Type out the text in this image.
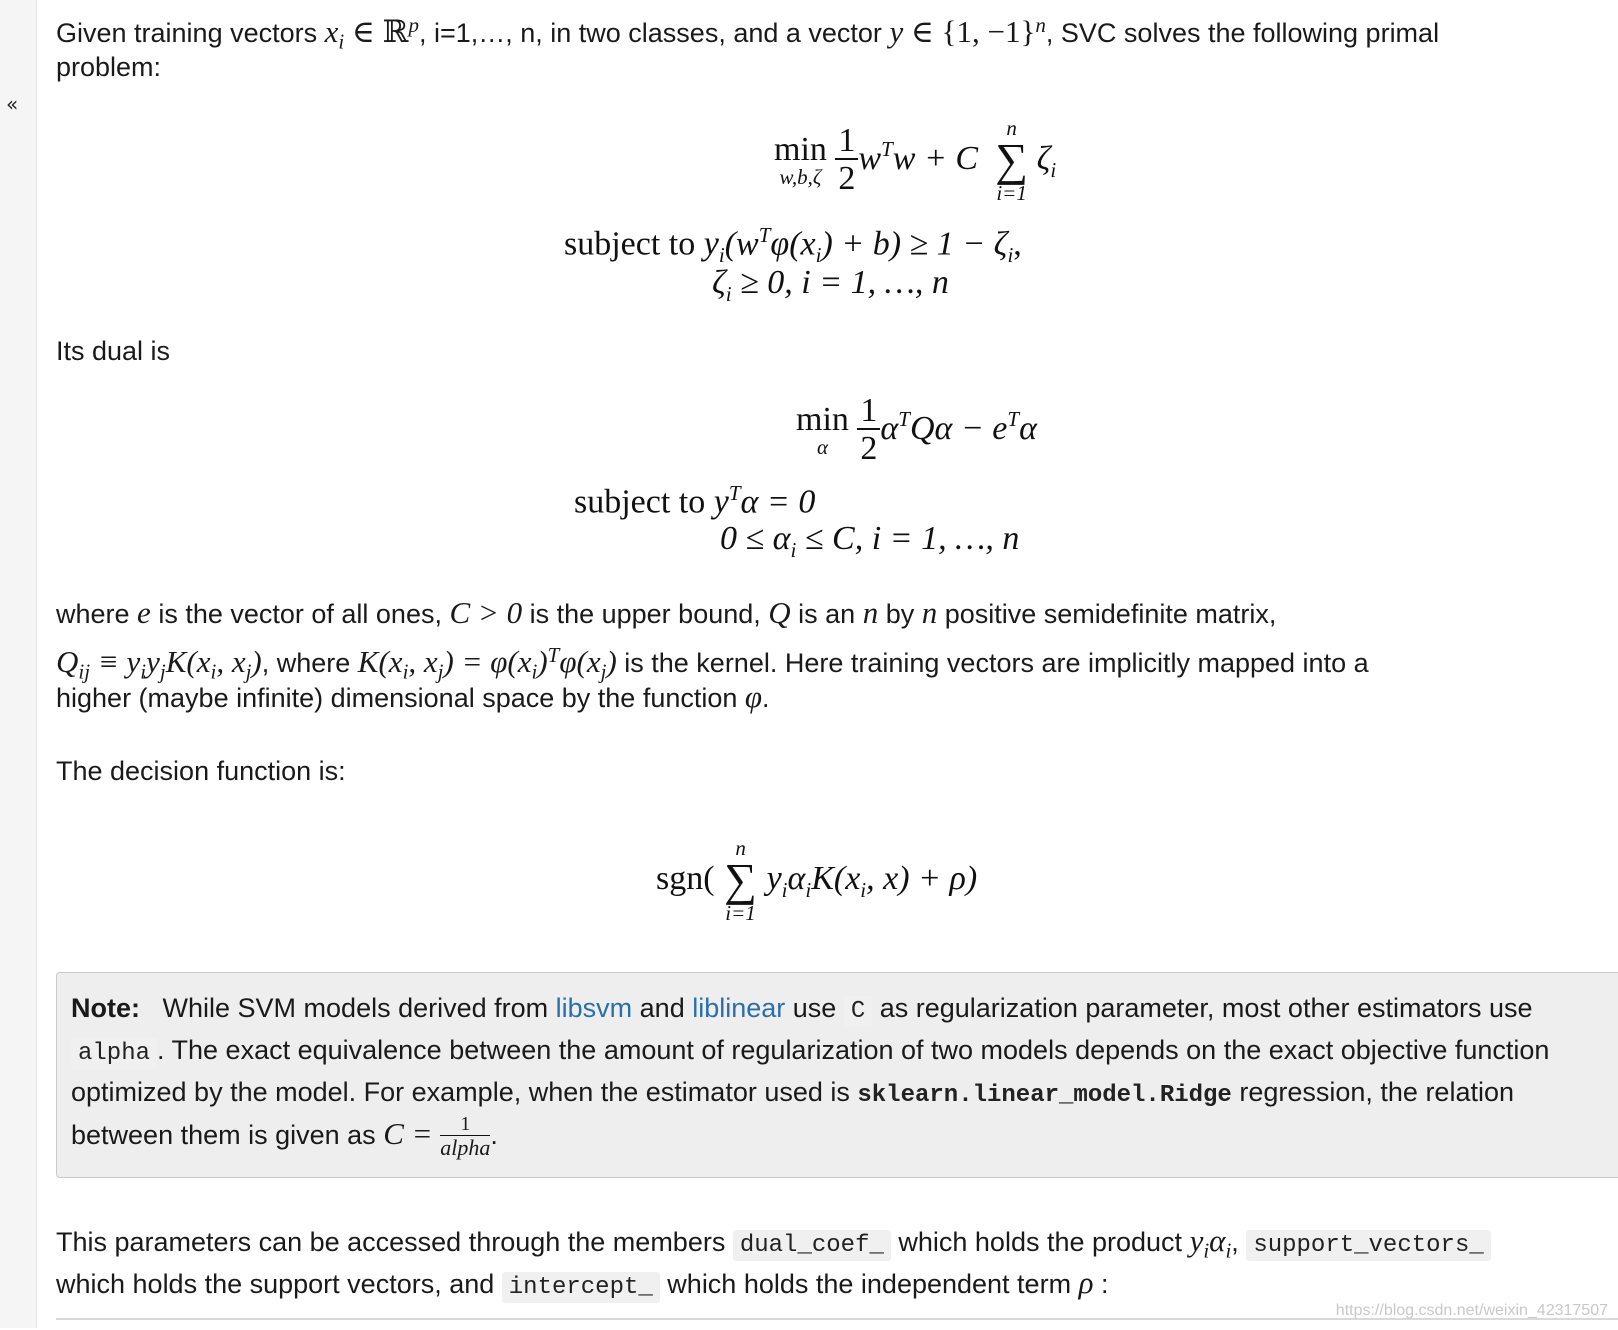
«

Given training vectors $x_i$ ∈ ℝ$^p$, i=1,…, n, in two classes, and a vector y ∈ {1, −1}$^n$, SVC solves the following primal

problem:

min
w,b,ζ
$\frac{1}{2} w^Tw + C$
n
∑
i=1
$\zeta_i$
subject to $y_i(w^T\varphi(x_i) + b) \ge 1 - \zeta_i$,
$\zeta_i \ge 0$, i = 1, …, n

Its dual is

min
α
$\frac{1}{2} \alpha^TQ\alpha - e^T\alpha$
subject to $y^T\alpha = 0$
$0 \le \alpha_i \le C$, i = 1, …, n

where e is the vector of all ones, C > 0 is the upper bound, Q is an n by n positive semidefinite matrix,

$Q_{ij} \equiv y_iy_jK(x_i$, $x_j$), where $K(x_i$, $x_j) = \varphi(x_i)^T\varphi(x_j)$ is the kernel. Here training vectors are implicitly mapped into a

higher (maybe infinite) dimensional space by the function φ.

The decision function is:

sgn(
n
∑
i=1
$y_i\alpha_iK(x_i$, x) + ρ)

Note: While SVM models derived from libsvm and liblinear use C as regularization parameter, most other estimators use

alpha . The exact equivalence between the amount of regularization of two models depends on the exact objective function

optimized by the model. For example, when the estimator used is sklearn.linear_model.Ridge regression, the relation

between them is given as $C = \frac{1}{\text{alpha}}$ .

This parameters can be accessed through the members dual_coef_ which holds the product $y_i\alpha_i$, support_vectors_

which holds the support vectors, and intercept_ which holds the independent term ρ :

https://blog.csdn.net/weixin_42317507
